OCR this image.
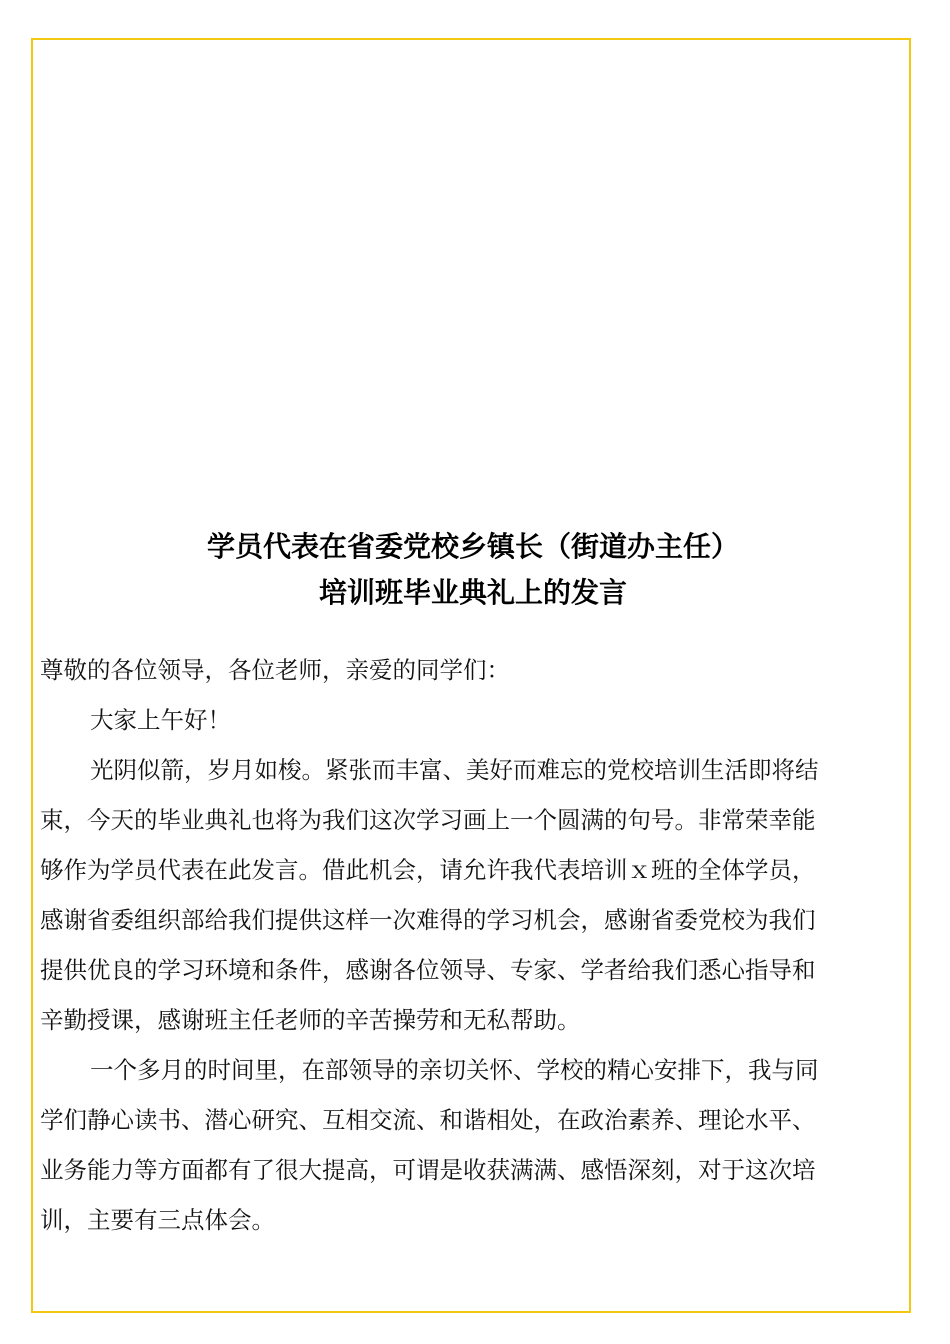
学员代表在省委党校乡镇长（街道办主任）
培训班毕业典礼上的发言

尊敬的各位领导，各位老师，亲爱的同学们：

大家上午好！

光阴似箭，岁月如梭。紧张而丰富、美好而难忘的党校培训生活即将结

束，今天的毕业典礼也将为我们这次学习画上一个圆满的句号。非常荣幸能

够作为学员代表在此发言。借此机会，请允许我代表培训ｘ班的全体学员，

感谢省委组织部给我们提供这样一次难得的学习机会，感谢省委党校为我们

提供优良的学习环境和条件，感谢各位领导、专家、学者给我们悉心指导和

辛勤授课，感谢班主任老师的辛苦操劳和无私帮助。

一个多月的时间里，在部领导的亲切关怀、学校的精心安排下，我与同

学们静心读书、潜心研究、互相交流、和谐相处，在政治素养、理论水平、

业务能力等方面都有了很大提高，可谓是收获满满、感悟深刻，对于这次培

训，主要有三点体会。
